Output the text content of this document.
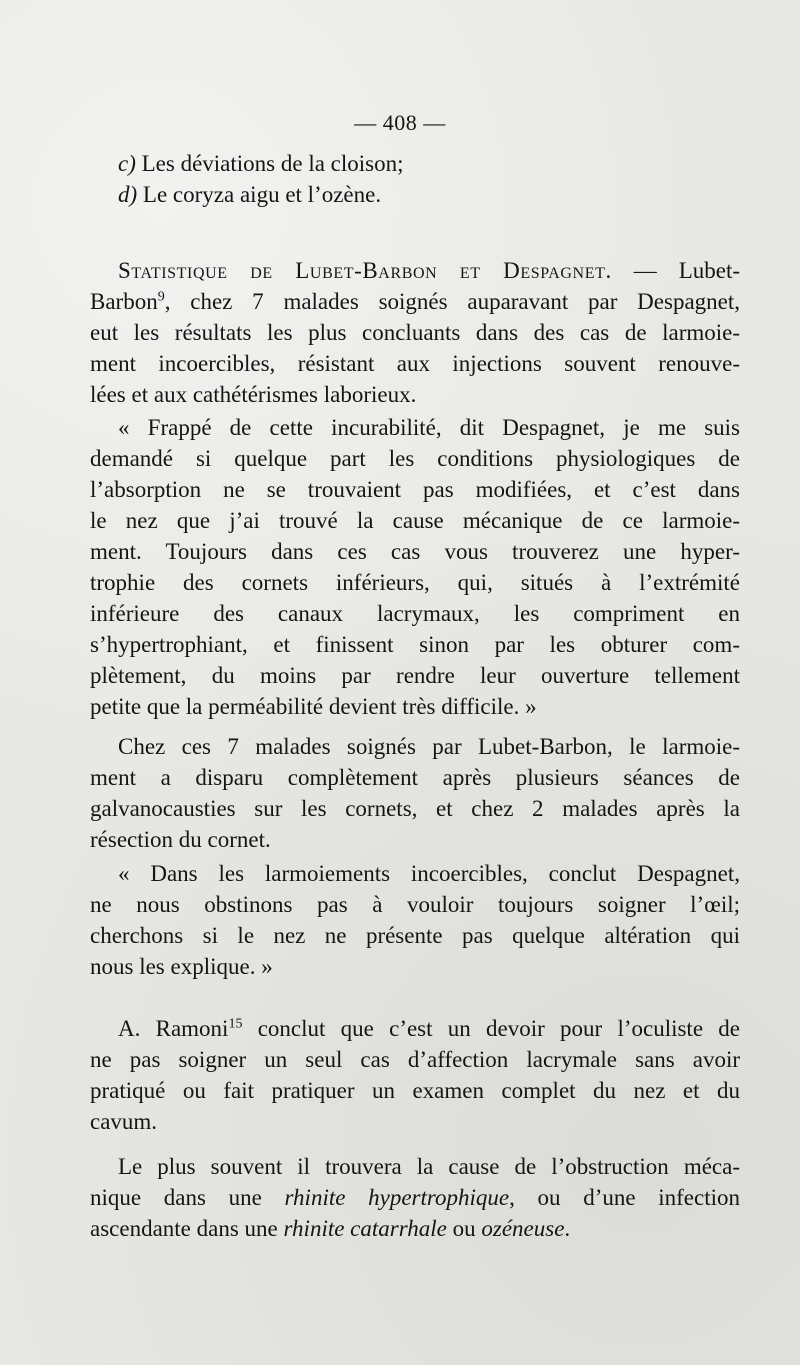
— 408 —
c) Les déviations de la cloison;
d) Le coryza aigu et l’ozène.
Statistique de Lubet-Barbon et Despagnet. — Lubet-
Barbon$^9$, chez 7 malades soignés auparavant par Despagnet,
eut les résultats les plus concluants dans des cas de larmoie-
ment incoercibles, résistant aux injections souvent renouve-
lées et aux cathétérismes laborieux.
« Frappé de cette incurabilité, dit Despagnet, je me suis
demandé si quelque part les conditions physiologiques de
l’absorption ne se trouvaient pas modifiées, et c’est dans
le nez que j’ai trouvé la cause mécanique de ce larmoie-
ment. Toujours dans ces cas vous trouverez une hyper-
trophie des cornets inférieurs, qui, situés à l’extrémité
inférieure des canaux lacrymaux, les compriment en
s’hypertrophiant, et finissent sinon par les obturer com-
plètement, du moins par rendre leur ouverture tellement
petite que la perméabilité devient très difficile. »
Chez ces 7 malades soignés par Lubet-Barbon, le larmoie-
ment a disparu complètement après plusieurs séances de
galvanocausties sur les cornets, et chez 2 malades après la
résection du cornet.
« Dans les larmoiements incoercibles, conclut Despagnet,
ne nous obstinons pas à vouloir toujours soigner l’œil;
cherchons si le nez ne présente pas quelque altération qui
nous les explique. »
A. Ramoni$^{15}$ conclut que c’est un devoir pour l’oculiste de
ne pas soigner un seul cas d’affection lacrymale sans avoir
pratiqué ou fait pratiquer un examen complet du nez et du
cavum.
Le plus souvent il trouvera la cause de l’obstruction méca-
nique dans une rhinite hypertrophique, ou d’une infection
ascendante dans une rhinite catarrhale ou ozéneuse.
